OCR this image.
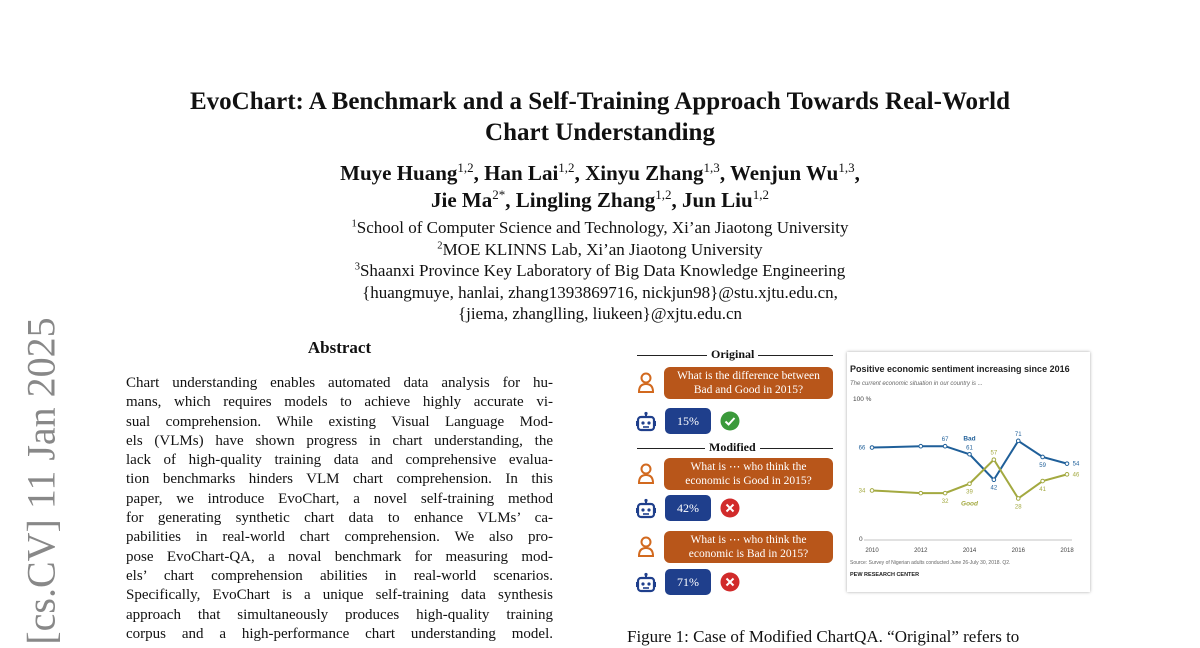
EvoChart: A Benchmark and a Self-Training Approach Towards Real-World
Chart Understanding
Muye Huang$^{1,2}$, Han Lai$^{1,2}$, Xinyu Zhang$^{1,3}$, Wenjun Wu$^{1,3}$,
Jie $Ma^{2*}$, Lingling Zhang$^{1,2}$, Jun Liu$^{1,2}$
$^1$School of Computer Science and Technology, Xi’an Jiaotong University
$^2$MOE KLINNS Lab, Xi’an Jiaotong University
$^3$Shaanxi Province Key Laboratory of Big Data Knowledge Engineering
{huangmuye, hanlai, zhang1393869716, nickjun98}@stu.xjtu.edu.cn,
{jiema, zhanglling, liukeen}@xjtu.edu.cn
[cs.CV] 11 Jan 2025	Abstract
Chart understanding enables automated data analysis for hu-
mans, which requires models to achieve highly accurate vi-
sual comprehension. While existing Visual Language Mod-
els (VLMs) have shown progress in chart understanding, the
lack of high-quality training data and comprehensive evalua-
tion benchmarks hinders VLM chart comprehension. In this
paper, we introduce EvoChart, a novel self-training method
for generating synthetic chart data to enhance VLMs’ ca-
pabilities in real-world chart comprehension. We also pro-
pose EvoChart-QA, a noval benchmark for measuring mod-
els’ chart comprehension abilities in real-world scenarios.
Specifically, EvoChart is a unique self-training data synthesis
approach that simultaneously produces high-quality training
corpus and a high-performance chart understanding model.
Original
Modified
What is the difference between
Bad and Good in 2015?
15%
What is ⋯ who think the
economic is Good in 2015?
42%
What is ⋯ who think the
economic is Bad in 2015?
71%
Positive economic sentiment increasing since 2016
The current economic situation in our country is ...
100 %
0
2010	2012	2014	2016	2018
66
67
61
42
71
59	54
Bad
34
32
39
57
28
41
46
Good
Source: Survey of Nigerian adults conducted June 26-July 30, 2018. Q2.
PEW RESEARCH CENTER
Figure 1: Case of Modified ChartQA. “Original” refers to
